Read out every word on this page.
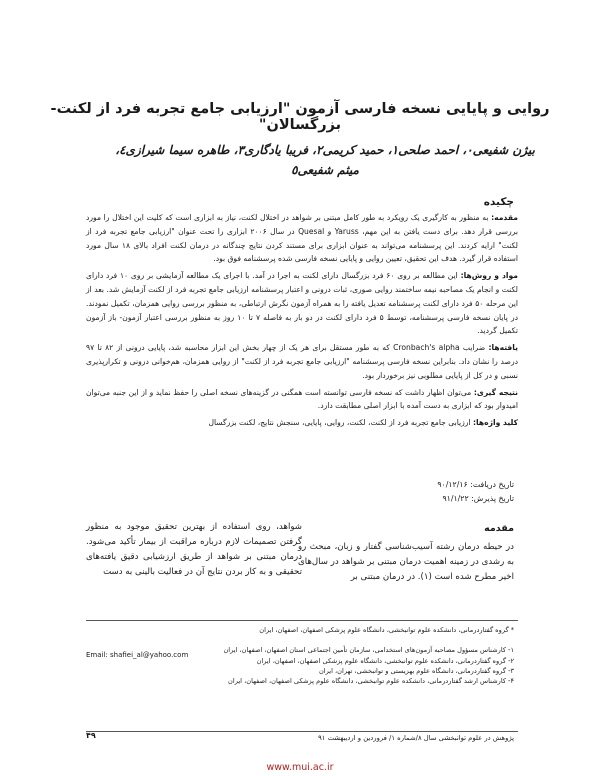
روایی و پایایی نسخه فارسی آزمون "ارزیابی جامع تجربه فرد از لکنت- بزرگسالان"
بیژن شفیعی٠، احمد صلحی١، حمید کریمی٢، فریبا یادگاری٣، طاهره سیما شیرازی٤،
میثم شفیعی٥
چکیده

مقدمه: به منظور به کارگیری یک رویکرد به طور کامل مبتنی بر شواهد در اختلال لکنت، نیاز به ابزاری است که کلیت این اختلال را مورد بررسی قرار دهد. برای دست یافتن به این مهم، Yaruss و Quesal در سال ۲۰۰۶ ابزاری را تحت عنوان "ارزیابی جامع تجربه فرد از لکنت" ارایه کردند. این پرسشنامه می‌تواند به عنوان ابزاری برای مستند کردن نتایج چندگانه در درمان لکنت افراد بالای ۱۸ سال مورد استفاده قرار گیرد. هدف این تحقیق، تعیین روایی و پایایی نسخه فارسی شده پرسشنامه فوق بود.

مواد و روش‌ها: این مطالعه بر روی ۶۰ فرد بزرگسال دارای لکنت به اجرا در آمد. با اجرای یک مطالعه آزمایشی بر روی ۱۰ فرد دارای لکنت و انجام یک مصاحبه نیمه ساختمند روایی صوری، ثبات درونی و اعتبار پرسشنامه ارزیابی جامع تجربه فرد از لکنت آزمایش شد. بعد از این مرحله ۵۰ فرد دارای لکنت پرسشنامه تعدیل یافته را به همراه آزمون نگرش ارتباطی، به منظور بررسی روایی همزمان، تکمیل نمودند. در پایان نسخه فارسی پرسشنامه، توسط ۵ فرد دارای لکنت در دو بار به فاصله ۷ تا ۱۰ روز به منظور بررسی اعتبار آزمون- باز آزمون تکمیل گردید.

یافته‌ها: ضرایب Cronbach's alpha که به طور مستقل برای هر یک از چهار بخش این ابزار محاسبه شد، پایایی درونی از ۸۲ تا ۹۷ درصد را نشان داد. بنابراین نسخه فارسی پرسشنامه "ارزیابی جامع تجربه فرد از لکنت" از روایی همزمان، هم‌خوانی درونی و تکرارپذیری نسبی و در کل از پایایی مطلوبی نیز برخوردار بود.

نتیجه گیری: می‌توان اظهار داشت که نسخه فارسی توانسته است همگنی در گزینه‌های نسخه اصلی را حفظ نماید و از این جنبه می‌توان امیدوار بود که ابزاری به دست آمده با ابزار اصلی مطابقت دارد.

کلید واژه‌ها: ارزیابی جامع تجربه فرد از لکنت، لکنت، روایی، پایایی، سنجش نتایج، لکنت بزرگسال

تاریخ دریافت: ۹۰/۱۲/۱۶
تاریخ پذیرش: ۹۱/۱/۲۲
مقدمه
در حیطه درمان رشته آسیب‌شناسی گفتار و زبان، مبحث رو به رشدی در زمینه اهمیت درمان مبتنی بر شواهد در سال‌های اخیر مطرح شده است (۱). در درمان مبتنی بر
شواهد، روی استفاده از بهترین تحقیق موجود به منظور گرفتن تصمیمات لازم درباره مراقبت از بیمار تأکید می‌شود. درمان مبتنی بر شواهد از طریق ارزشیابی دقیق یافته‌های تحقیقی و به کار بردن نتایج آن در فعالیت بالینی به دست
* گروه گفتاردرمانی، دانشکده علوم توانبخشی، دانشگاه علوم پزشکی اصفهان، اصفهان، ایران
۱- کارشناس مسؤول مصاحبه آزمون‌های استخدامی، سازمان تأمین اجتماعی استان اصفهان، اصفهان، ایران
۲- گروه گفتاردرمانی، دانشکده علوم توانبخشی، دانشگاه علوم پزشکی اصفهان، اصفهان، ایران
۳- گروه گفتاردرمانی، دانشگاه علوم بهزیستی و توانبخشی، تهران، ایران
۴- کارشناس ارشد گفتاردرمانی، دانشکده علوم توانبخشی، دانشگاه علوم پزشکی اصفهان، اصفهان، ایران
Email: shafiei_al@yahoo.com
پژوهش در علوم توانبخشی سال ۸/شماره ۱/ فروردین و اردیبهشت ۹۱
۴۹
www.mui.ac.ir
